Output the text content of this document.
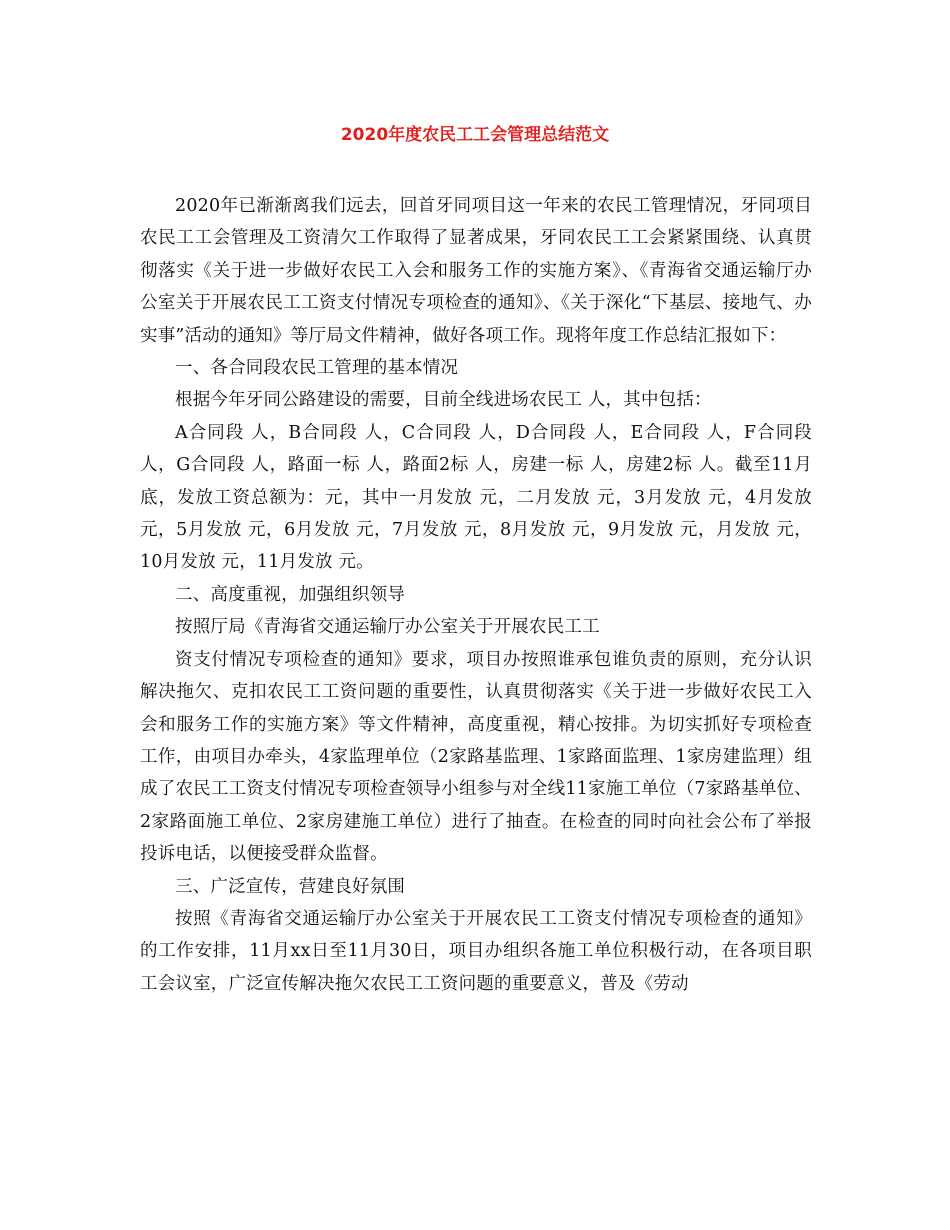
2020年度农民工工会管理总结范文

2020年已渐渐离我们远去，回首牙同项目这一年来的农民工管理情况，牙同项目农民工工会管理及工资清欠工作取得了显著成果，牙同农民工工会紧紧围绕、认真贯彻落实《关于进一步做好农民工入会和服务工作的实施方案》、《青海省交通运输厅办公室关于开展农民工工资支付情况专项检查的通知》、《关于深化“下基层、接地气、办实事”活动的通知》等厅局文件精神，做好各项工作。现将年度工作总结汇报如下：

一、各合同段农民工管理的基本情况

根据今年牙同公路建设的需要，目前全线进场农民工 人，其中包括：

A合同段 人，B合同段 人，C合同段 人，D合同段 人，E合同段 人，F合同段 人，G合同段 人，路面一标 人，路面2标 人，房建一标 人，房建2标 人。截至11月底，发放工资总额为：元，其中一月发放 元，二月发放 元，3月发放 元，4月发放 元，5月发放 元，6月发放 元，7月发放 元，8月发放 元，9月发放 元，月发放 元，10月发放 元，11月发放 元。

二、高度重视，加强组织领导

按照厅局《青海省交通运输厅办公室关于开展农民工工

资支付情况专项检查的通知》要求，项目办按照谁承包谁负责的原则，充分认识解决拖欠、克扣农民工工资问题的重要性，认真贯彻落实《关于进一步做好农民工入会和服务工作的实施方案》等文件精神，高度重视，精心按排。为切实抓好专项检查工作，由项目办牵头，4家监理单位（2家路基监理、1家路面监理、1家房建监理）组成了农民工工资支付情况专项检查领导小组参与对全线11家施工单位（7家路基单位、2家路面施工单位、2家房建施工单位）进行了抽查。在检查的同时向社会公布了举报投诉电话，以便接受群众监督。

三、广泛宣传，营建良好氛围

按照《青海省交通运输厅办公室关于开展农民工工资支付情况专项检查的通知》的工作安排，11月xx日至11月30日，项目办组织各施工单位积极行动，在各项目职工会议室，广泛宣传解决拖欠农民工工资问题的重要意义，普及《劳动
